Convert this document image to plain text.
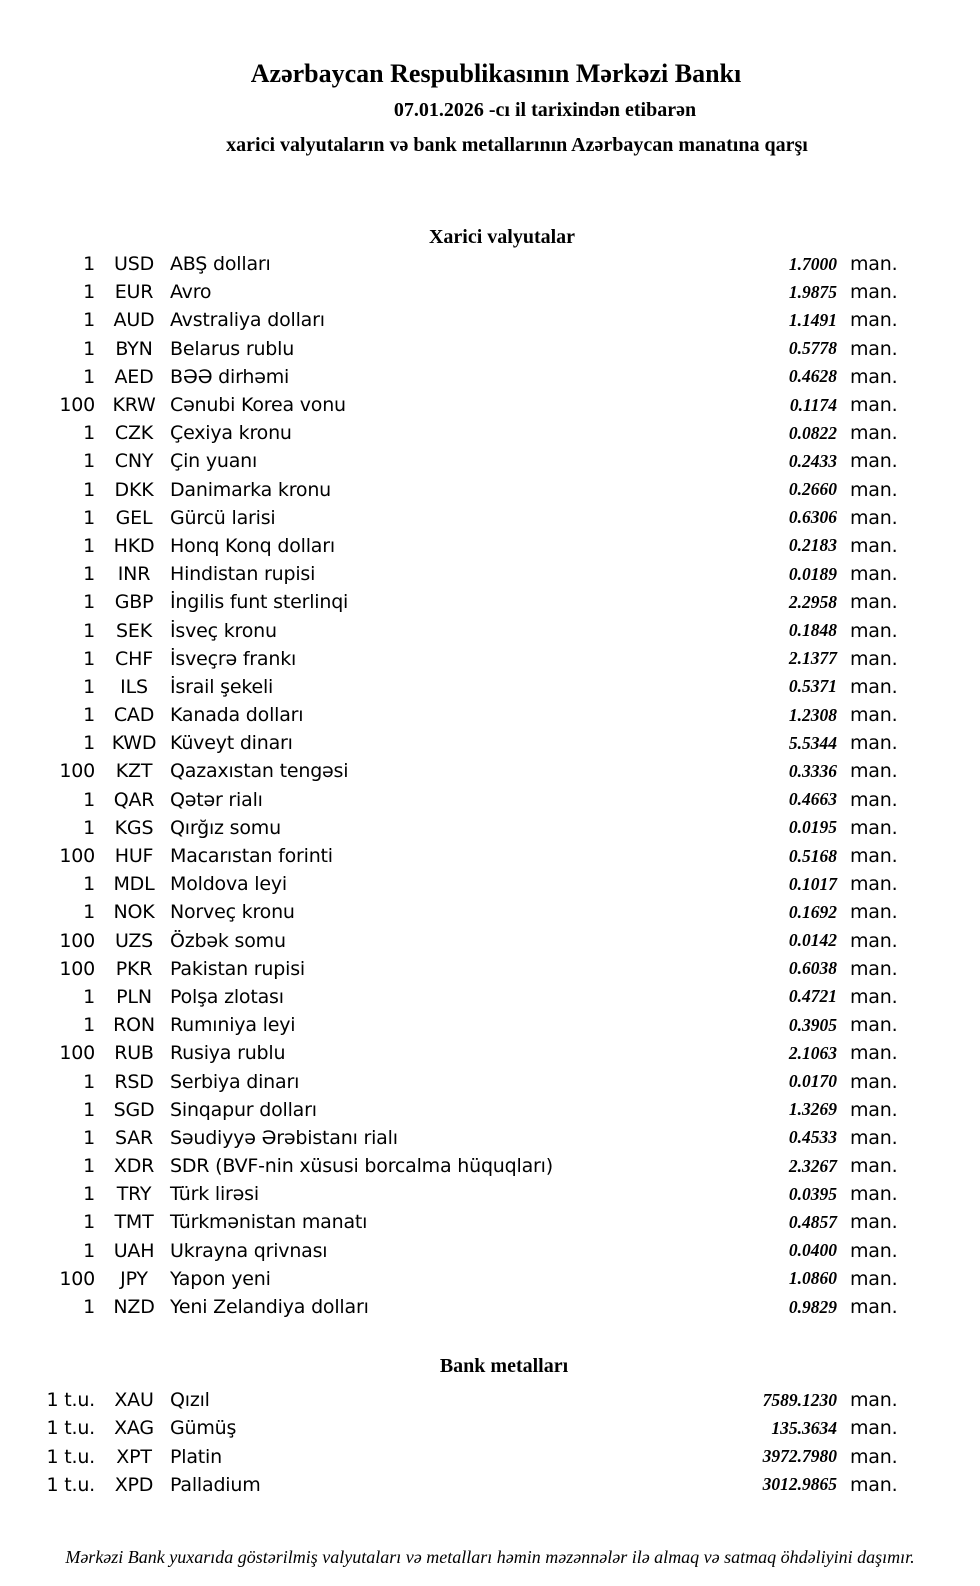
Azərbaycan Respublikasının Mərkəzi Bankı
07.01.2026 -cı il tarixindən etibarən
xarici valyutaların və bank metallarının Azərbaycan manatına qarşı
Xarici valyutalar
1	USD ABŞ dolları	1.7000 man.
1	EUR Avro	1.9875 man.
1 AUD Avstraliya dolları	1.1491 man.
1	BYN Belarus rublu	0.5778 man.
1	AED BƏƏ dirhəmi	0.4628 man.
100 KRW Cənubi Korea vonu	0.1174 man.
1	CZK Çexiya kronu	0.0822 man.
1	CNY Çin yuanı	0.2433 man.
1	DKK Danimarka kronu	0.2660 man.
1	GEL Gürcü larisi	0.6306 man.
1 HKD Honq Konq dolları	0.2183 man.
1	INR	Hindistan rupisi	0.0189 man.
1	GBP İngilis funt sterlinqi	2.2958 man.
1	SEK İsveç kronu	0.1848 man.
1	CHF İsveçrə frankı	2.1377 man.
1	ILS	İsrail şekeli	0.5371 man.
1 CAD Kanada dolları	1.2308 man.
1 KWD Küveyt dinarı	5.5344 man.
100	KZT Qazaxıstan tengəsi	0.3336 man.
1 QAR Qətər rialı	0.4663 man.
1	KGS Qırğız somu	0.0195 man.
100	HUF Macarıstan forinti	0.5168 man.
1 MDL Moldova leyi	0.1017 man.
1 NOK Norveç kronu	0.1692 man.
100	UZS Özbək somu	0.0142 man.
100	PKR Pakistan rupisi	0.6038 man.
1	PLN Polşa zlotası	0.4721 man.
1 RON Rumıniya leyi	0.3905 man.
100	RUB Rusiya rublu	2.1063 man.
1	RSD Serbiya dinarı	0.0170 man.
1 SGD Sinqapur dolları	1.3269 man.
1	SAR Səudiyyə Ərəbistanı rialı	0.4533 man.
1 XDR SDR (BVF-nin xüsusi borcalma hüquqları)	2.3267 man.
1	TRY Türk lirəsi	0.0395 man.
1	TMT Türkmənistan manatı	0.4857 man.
1 UAH Ukrayna qrivnası	0.0400 man.
100	JPY	Yapon yeni	1.0860 man.
1 NZD Yeni Zelandiya dolları	0.9829 man.
Bank metalları
1 t.u.	XAU Qızıl	7589.1230 man.
1 t.u.	XAG Gümüş	135.3634 man.
1 t.u.	XPT Platin	3972.7980 man.
1 t.u.	XPD Palladium	3012.9865 man.
Mərkəzi Bank yuxarıda göstərilmiş valyutaları və metalları həmin məzənnələr ilə almaq və satmaq öhdəliyini daşımır.
